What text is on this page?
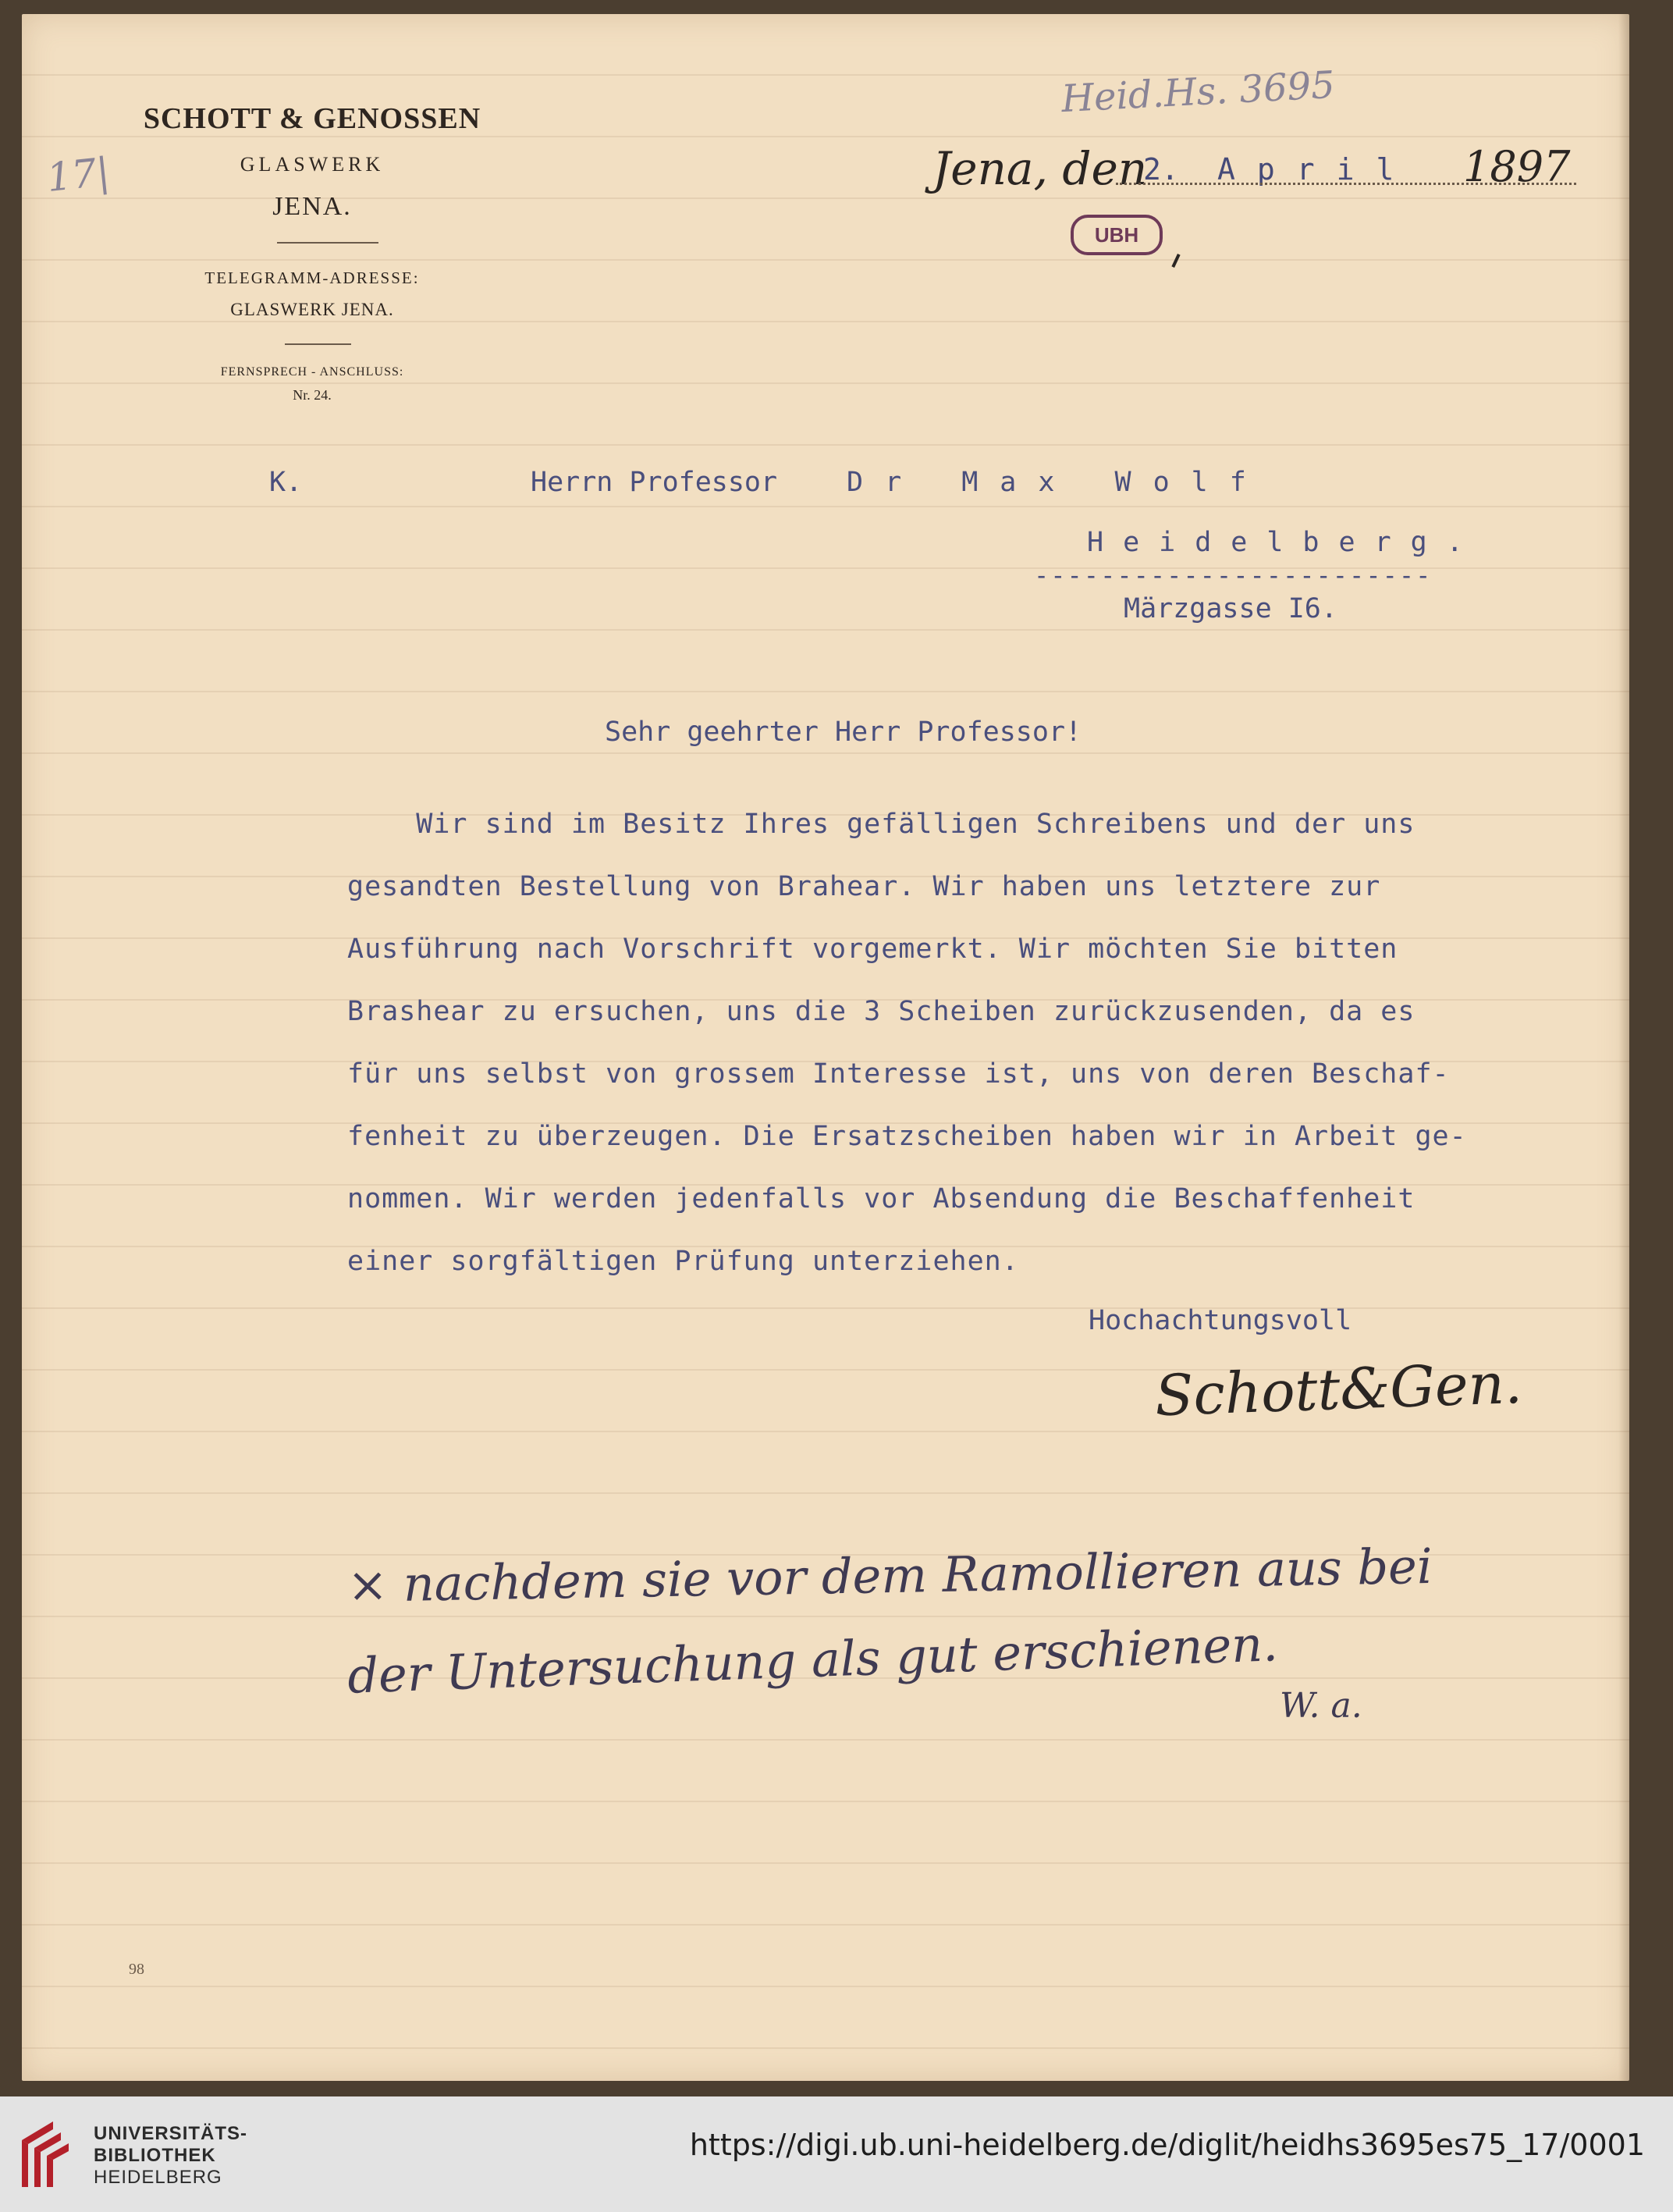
SCHOTT & GENOSSEN
GLASWERK
JENA.
TELEGRAMM-ADRESSE:
GLASWERK JENA.
FERNSPRECH - ANSCHLUSS:
Nr. 24.
Heid.Hs. 3695
17|	Jena, den
2. April 1897
UBH
K.	Herrn Professor	Dr Max Wolf
Heidelberg.
------------------------
Märzgasse I6.
Sehr geehrter Herr Professor!
Wir sind im Besitz Ihres gefälligen Schreibens und der uns
gesandten Bestellung von Brahear. Wir haben uns letztere zur
Ausführung nach Vorschrift vorgemerkt. Wir möchten Sie bitten
Brashear zu ersuchen, uns die 3 Scheiben zurückzusenden, da es
für uns selbst von grossem Interesse ist, uns von deren Beschaf-
fenheit zu überzeugen. Die Ersatzscheiben haben wir in Arbeit ge-
nommen. Wir werden jedenfalls vor Absendung die Beschaffenheit
einer sorgfältigen Prüfung unterziehen.
Hochachtungsvoll
Schott&Gen.
× nachdem sie vor dem Ramollieren aus bei
der Untersuchung als gut erschienen.
W. a.
98
UNIVERSITÄTS-
BIBLIOTHEK
HEIDELBERG
https://digi.ub.uni-heidelberg.de/diglit/heidhs3695es75_17/0001
